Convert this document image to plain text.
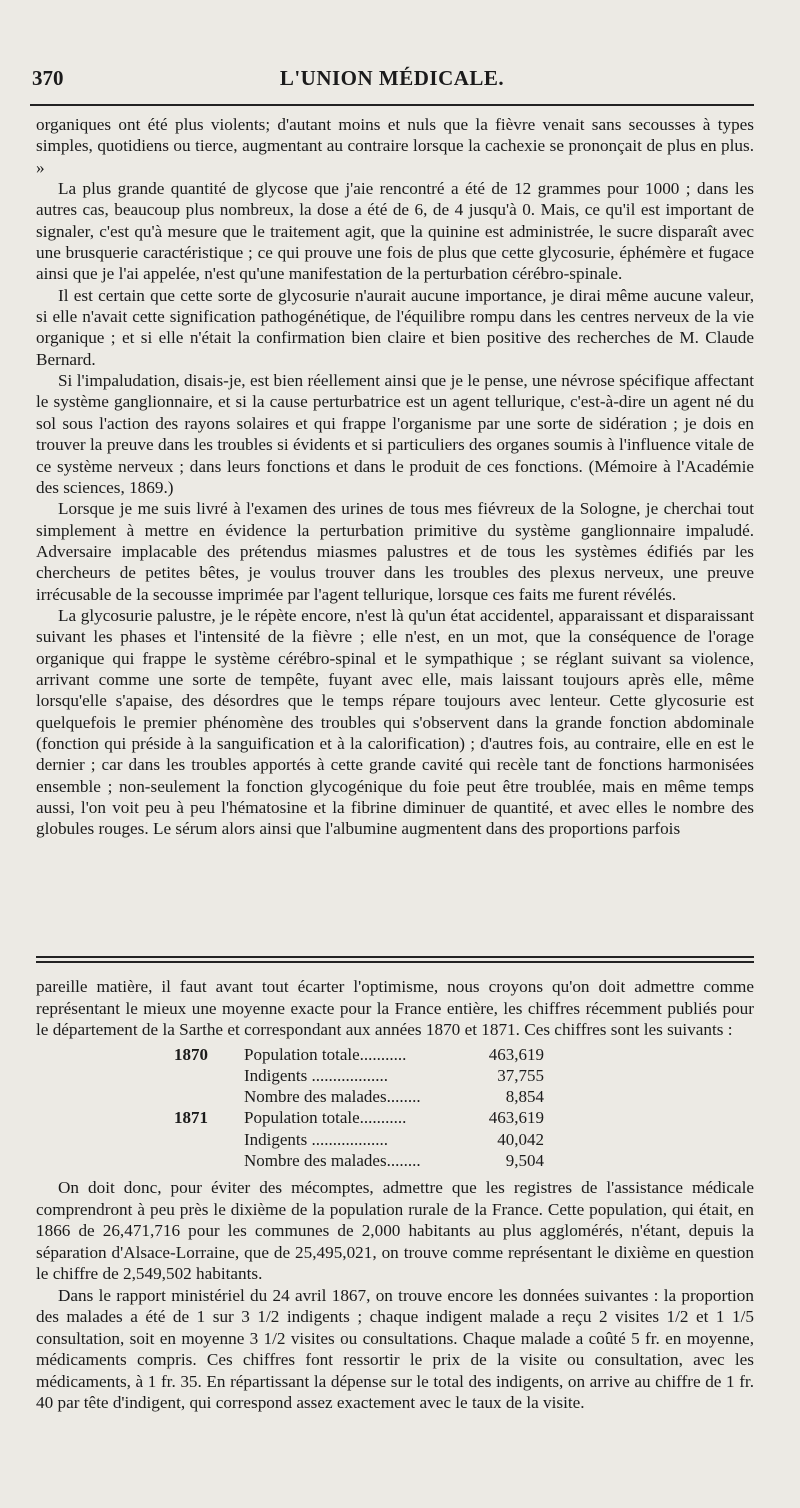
370	L'UNION MÉDICALE.

organiques ont été plus violents; d'autant moins et nuls que la fièvre venait sans secousses à types simples, quotidiens ou tierce, augmentant au contraire lorsque la cachexie se prononçait de plus en plus. »

La plus grande quantité de glycose que j'aie rencontré a été de 12 grammes pour 1000 ; dans les autres cas, beaucoup plus nombreux, la dose a été de 6, de 4 jusqu'à 0. Mais, ce qu'il est important de signaler, c'est qu'à mesure que le traitement agit, que la quinine est administrée, le sucre disparaît avec une brusquerie caractéristique ; ce qui prouve une fois de plus que cette glycosurie, éphémère et fugace ainsi que je l'ai appelée, n'est qu'une manifestation de la perturbation cérébro-spinale.

Il est certain que cette sorte de glycosurie n'aurait aucune importance, je dirai même aucune valeur, si elle n'avait cette signification pathogénétique, de l'équilibre rompu dans les centres nerveux de la vie organique ; et si elle n'était la confirmation bien claire et bien positive des recherches de M. Claude Bernard.

Si l'impaludation, disais-je, est bien réellement ainsi que je le pense, une névrose spécifique affectant le système ganglionnaire, et si la cause perturbatrice est un agent tellurique, c'est-à-dire un agent né du sol sous l'action des rayons solaires et qui frappe l'organisme par une sorte de sidération ; je dois en trouver la preuve dans les troubles si évidents et si particuliers des organes soumis à l'influence vitale de ce système nerveux ; dans leurs fonctions et dans le produit de ces fonctions. (Mémoire à l'Académie des sciences, 1869.)

Lorsque je me suis livré à l'examen des urines de tous mes fiévreux de la Sologne, je cherchai tout simplement à mettre en évidence la perturbation primitive du système ganglionnaire impaludé. Adversaire implacable des prétendus miasmes palustres et de tous les systèmes édifiés par les chercheurs de petites bêtes, je voulus trouver dans les troubles des plexus nerveux, une preuve irrécusable de la secousse imprimée par l'agent tellurique, lorsque ces faits me furent révélés.

La glycosurie palustre, je le répète encore, n'est là qu'un état accidentel, apparaissant et disparaissant suivant les phases et l'intensité de la fièvre ; elle n'est, en un mot, que la conséquence de l'orage organique qui frappe le système cérébro-spinal et le sympathique ; se réglant suivant sa violence, arrivant comme une sorte de tempête, fuyant avec elle, mais laissant toujours après elle, même lorsqu'elle s'apaise, des désordres que le temps répare toujours avec lenteur. Cette glycosurie est quelquefois le premier phénomène des troubles qui s'observent dans la grande fonction abdominale (fonction qui préside à la sanguification et à la calorification) ; d'autres fois, au contraire, elle en est le dernier ; car dans les troubles apportés à cette grande cavité qui recèle tant de fonctions harmonisées ensemble ; non-seulement la fonction glycogénique du foie peut être troublée, mais en même temps aussi, l'on voit peu à peu l'hématosine et la fibrine diminuer de quantité, et avec elles le nombre des globules rouges. Le sérum alors ainsi que l'albumine augmentent dans des proportions parfois

pareille matière, il faut avant tout écarter l'optimisme, nous croyons qu'on doit admettre comme représentant le mieux une moyenne exacte pour la France entière, les chiffres récemment publiés pour le département de la Sarthe et correspondant aux années 1870 et 1871. Ces chiffres sont les suivants :

1870	Population totale...........	463,619
	Indigents ..................	37,755
	Nombre des malades........	8,854
1871	Population totale...........	463,619
	Indigents ..................	40,042
	Nombre des malades........	9,504

On doit donc, pour éviter des mécomptes, admettre que les registres de l'assistance médicale comprendront à peu près le dixième de la population rurale de la France. Cette population, qui était, en 1866 de 26,471,716 pour les communes de 2,000 habitants au plus agglomérés, n'étant, depuis la séparation d'Alsace-Lorraine, que de 25,495,021, on trouve comme représentant le dixième en question le chiffre de 2,549,502 habitants.

Dans le rapport ministériel du 24 avril 1867, on trouve encore les données suivantes : la proportion des malades a été de 1 sur 3 1/2 indigents ; chaque indigent malade a reçu 2 visites 1/2 et 1 1/5 consultation, soit en moyenne 3 1/2 visites ou consultations. Chaque malade a coûté 5 fr. en moyenne, médicaments compris. Ces chiffres font ressortir le prix de la visite ou consultation, avec les médicaments, à 1 fr. 35. En répartissant la dépense sur le total des indigents, on arrive au chiffre de 1 fr. 40 par tête d'indigent, qui correspond assez exactement avec le taux de la visite.
